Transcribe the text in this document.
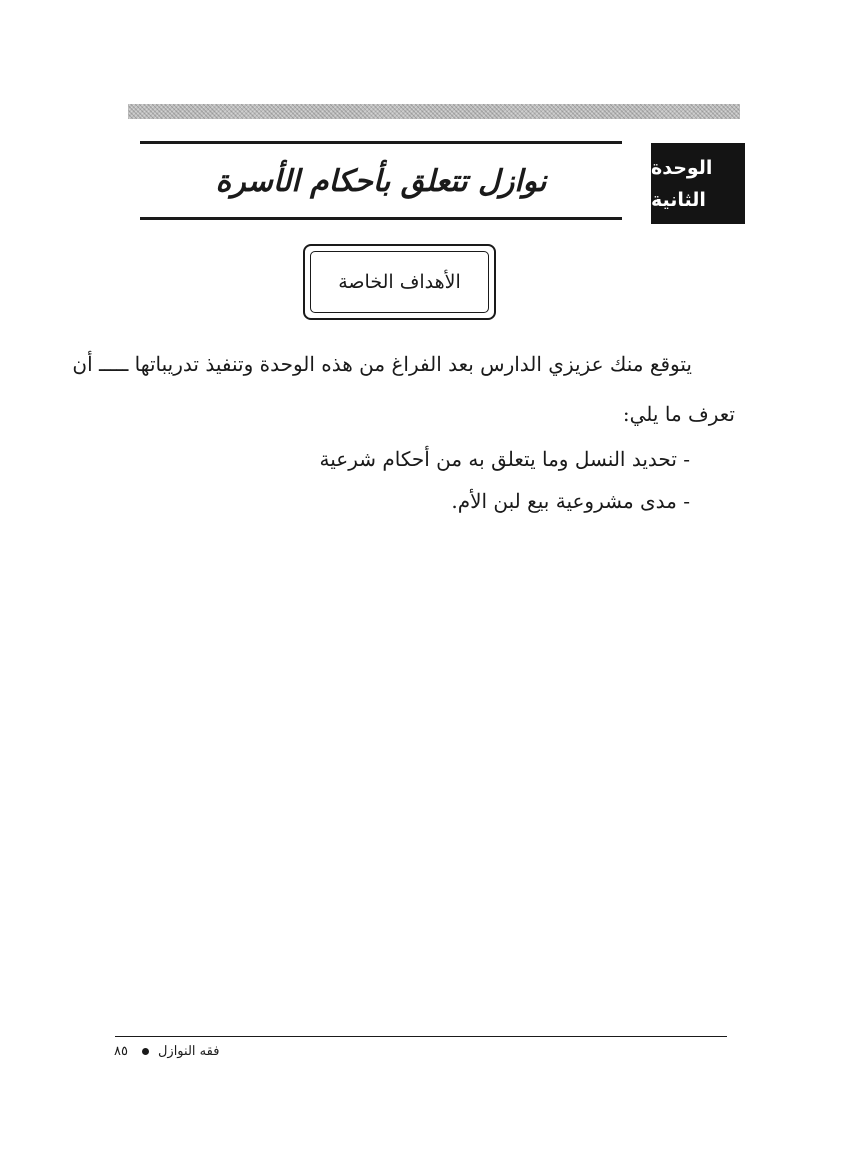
نوازل تتعلق بأحكام الأسرة	الوحدة
الثانية
الأهداف الخاصة
يتوقع منك عزيزي الدارس بعد الفراغ من هذه الوحدة وتنفيذ تدريباتها ـــــ أن
تعرف ما يلي:
- تحديد النسل وما يتعلق به من أحكام شرعية
- مدى مشروعية بيع لبن الأم.
٨٥ فقه النوازل
